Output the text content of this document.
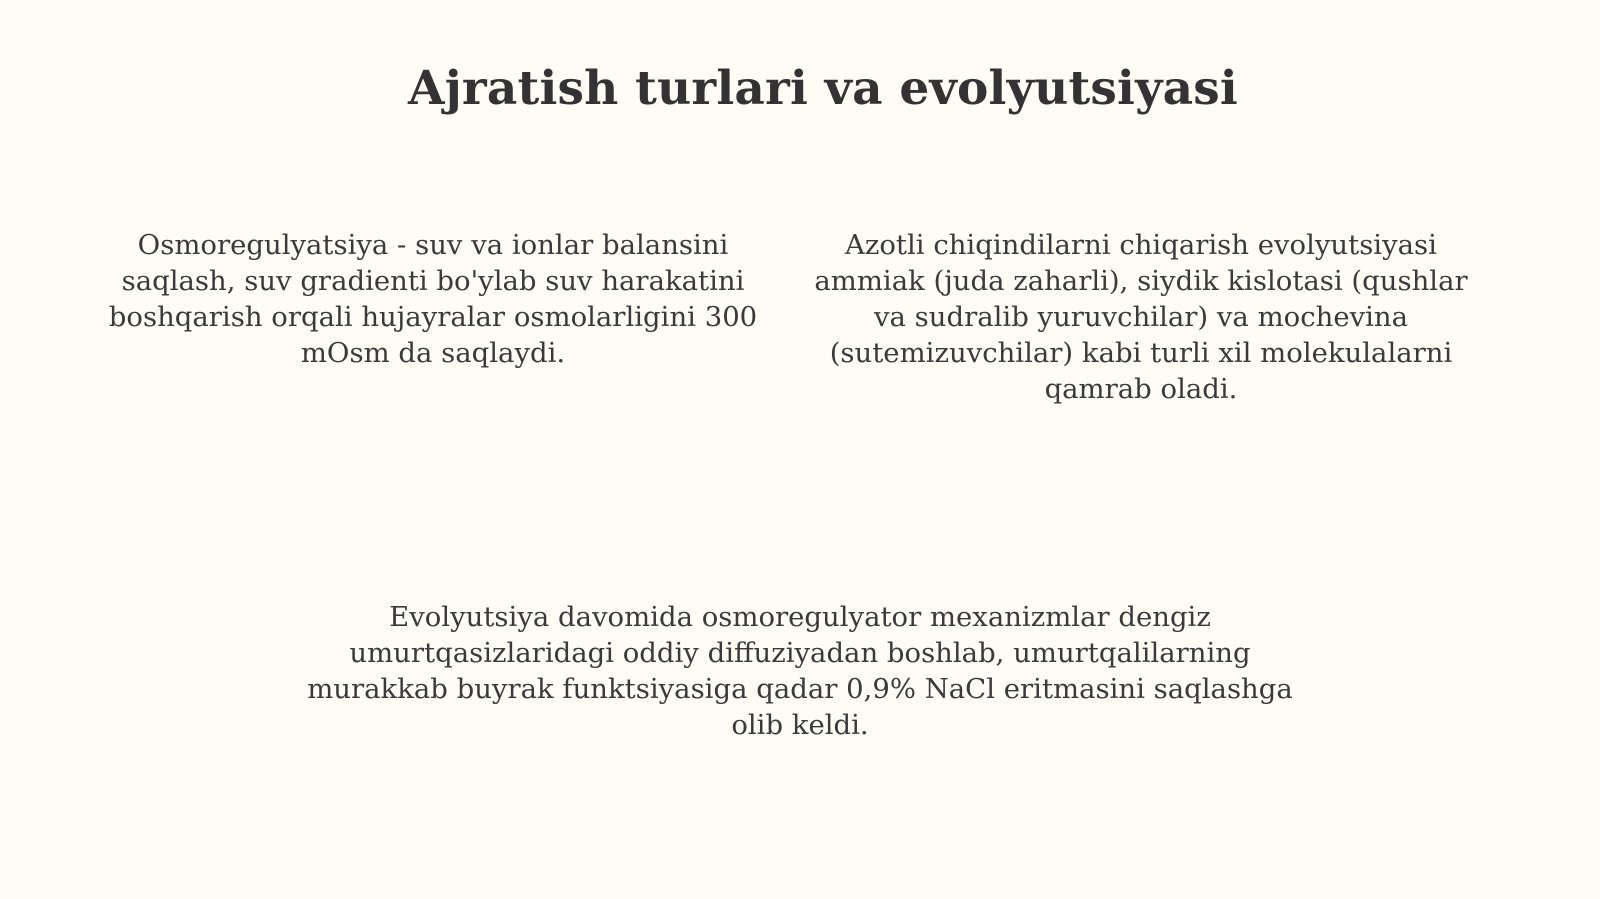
Ajratish turlari va evolyutsiyasi

Osmoregulyatsiya - suv va ionlar balansini saqlash, suv gradienti bo'ylab suv harakatini boshqarish orqali hujayralar osmolarligini 300 mOsm da saqlaydi.

Azotli chiqindilarni chiqarish evolyutsiyasi ammiak (juda zaharli), siydik kislotasi (qushlar va sudralib yuruvchilar) va mochevina (sutemizuvchilar) kabi turli xil molekulalarni qamrab oladi.

Evolyutsiya davomida osmoregulyator mexanizmlar dengiz umurtqasizlaridagi oddiy diffuziyadan boshlab, umurtqalilarning murakkab buyrak funktsiyasiga qadar 0,9% NaCl eritmasini saqlashga olib keldi.
